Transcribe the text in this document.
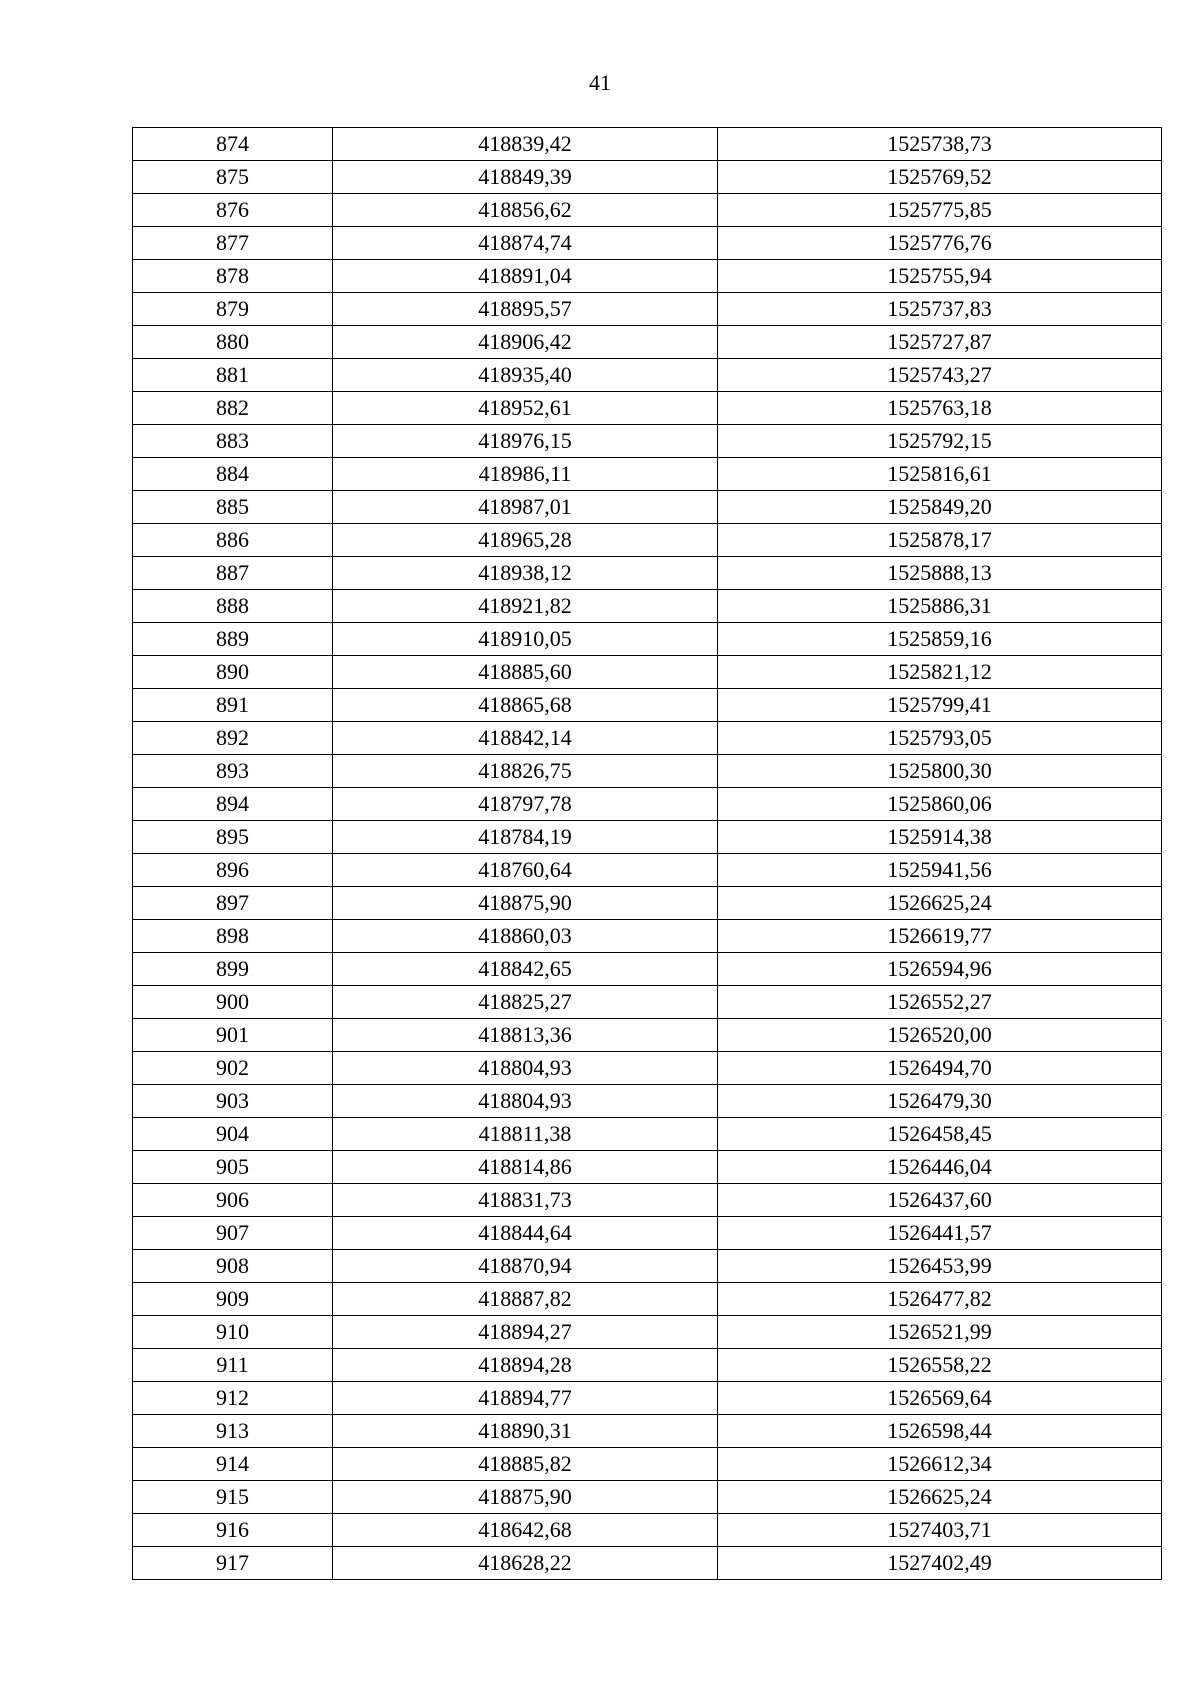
41
874	418839,42	1525738,73
875	418849,39	1525769,52
876	418856,62	1525775,85
877	418874,74	1525776,76
878	418891,04	1525755,94
879	418895,57	1525737,83
880	418906,42	1525727,87
881	418935,40	1525743,27
882	418952,61	1525763,18
883	418976,15	1525792,15
884	418986,11	1525816,61
885	418987,01	1525849,20
886	418965,28	1525878,17
887	418938,12	1525888,13
888	418921,82	1525886,31
889	418910,05	1525859,16
890	418885,60	1525821,12
891	418865,68	1525799,41
892	418842,14	1525793,05
893	418826,75	1525800,30
894	418797,78	1525860,06
895	418784,19	1525914,38
896	418760,64	1525941,56
897	418875,90	1526625,24
898	418860,03	1526619,77
899	418842,65	1526594,96
900	418825,27	1526552,27
901	418813,36	1526520,00
902	418804,93	1526494,70
903	418804,93	1526479,30
904	418811,38	1526458,45
905	418814,86	1526446,04
906	418831,73	1526437,60
907	418844,64	1526441,57
908	418870,94	1526453,99
909	418887,82	1526477,82
910	418894,27	1526521,99
911	418894,28	1526558,22
912	418894,77	1526569,64
913	418890,31	1526598,44
914	418885,82	1526612,34
915	418875,90	1526625,24
916	418642,68	1527403,71
917	418628,22	1527402,49
